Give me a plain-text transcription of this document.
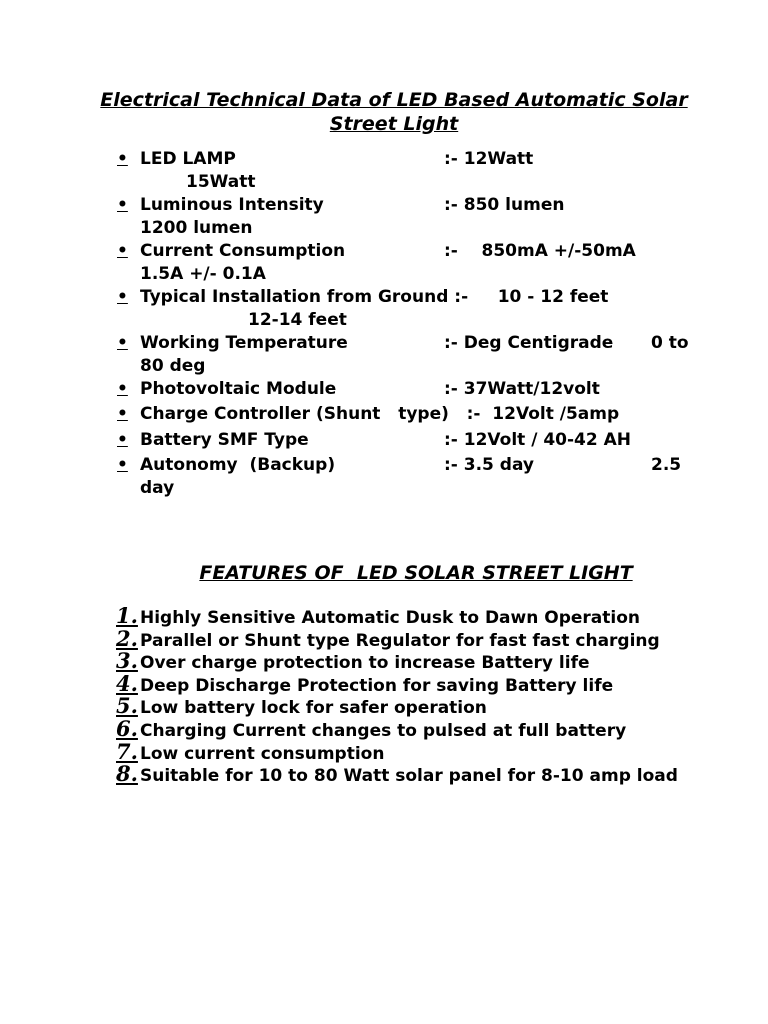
Electrical Technical Data of LED Based Automatic Solar Street Light
• LED LAMP	:- 12Watt
15Watt
• Luminous Intensity	:- 850 lumen
1200 lumen
• Current Consumption	:-    850mA +/-50mA
1.5A +/- 0.1A
• Typical Installation from Ground :-     10 - 12 feet
12-14 feet
• Working Temperature	:- Deg Centigrade 0 to
80 deg
• Photovoltaic Module	:- 37Watt/12volt
• Charge Controller (Shunt   type)   :-  12Volt /5amp
• Battery SMF Type	:- 12Volt / 40-42 AH
• Autonomy  (Backup)	:- 3.5 day	2.5
day
FEATURES OF  LED SOLAR STREET LIGHT
1. Highly Sensitive Automatic Dusk to Dawn Operation
2. Parallel or Shunt type Regulator for fast fast charging
3. Over charge protection to increase Battery life
4. Deep Discharge Protection for saving Battery life
5. Low battery lock for safer operation
6. Charging Current changes to pulsed at full battery
7. Low current consumption
8. Suitable for 10 to 80 Watt solar panel for 8-10 amp load
